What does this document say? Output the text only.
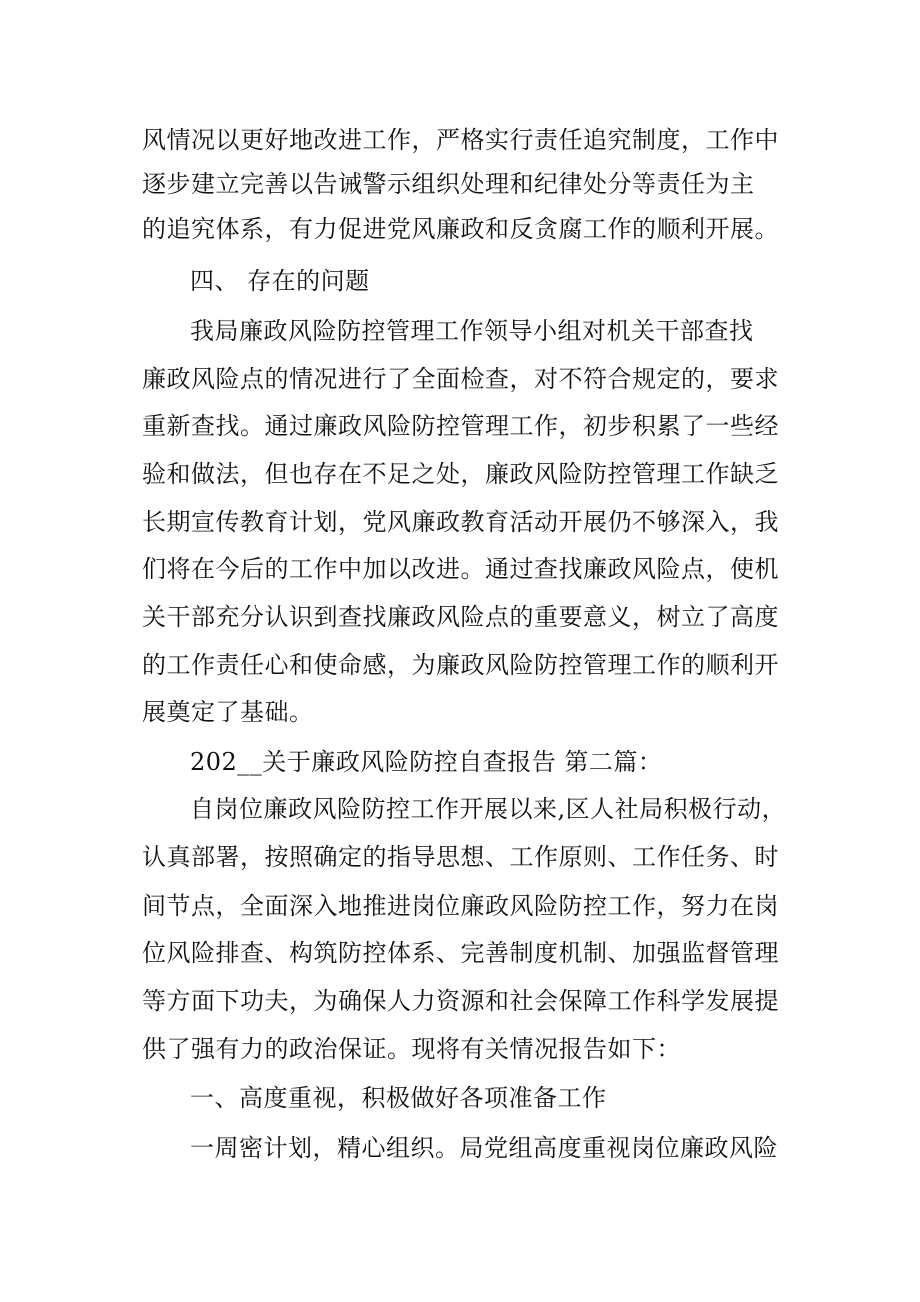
风情况以更好地改进工作，严格实行责任追究制度，工作中
逐步建立完善以告诫警示组织处理和纪律处分等责任为主
的追究体系，有力促进党风廉政和反贪腐工作的顺利开展。
四、 存在的问题
我局廉政风险防控管理工作领导小组对机关干部查找
廉政风险点的情况进行了全面检查，对不符合规定的，要求
重新查找。通过廉政风险防控管理工作，初步积累了一些经
验和做法，但也存在不足之处，廉政风险防控管理工作缺乏
长期宣传教育计划，党风廉政教育活动开展仍不够深入，我
们将在今后的工作中加以改进。通过查找廉政风险点，使机
关干部充分认识到查找廉政风险点的重要意义，树立了高度
的工作责任心和使命感，为廉政风险防控管理工作的顺利开
展奠定了基础。
202__关于廉政风险防控自查报告 第二篇：
自岗位廉政风险防控工作开展以来,区人社局积极行动，
认真部署，按照确定的指导思想、工作原则、工作任务、时
间节点，全面深入地推进岗位廉政风险防控工作，努力在岗
位风险排查、构筑防控体系、完善制度机制、加强监督管理
等方面下功夫，为确保人力资源和社会保障工作科学发展提
供了强有力的政治保证。现将有关情况报告如下：
一、高度重视，积极做好各项准备工作
一周密计划，精心组织。局党组高度重视岗位廉政风险
